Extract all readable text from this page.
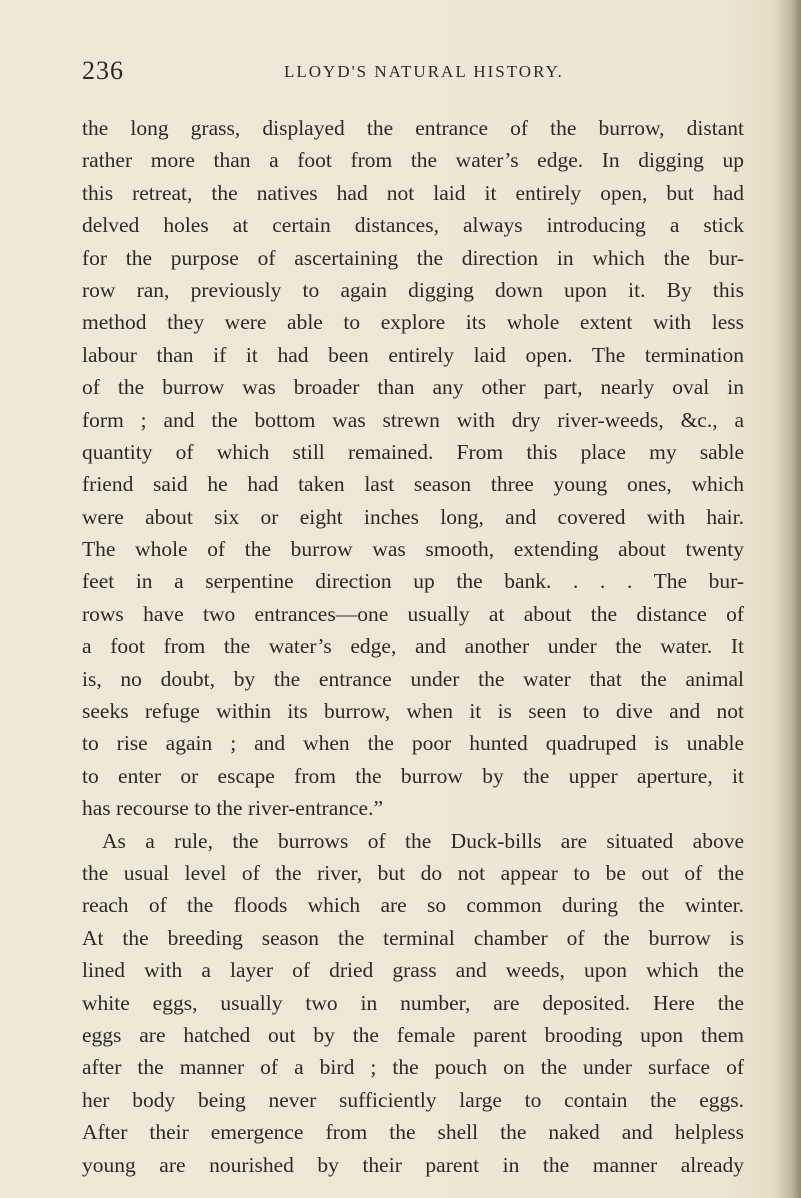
236	LLOYD'S NATURAL HISTORY.
the long grass, displayed the entrance of the burrow, distant
rather more than a foot from the water’s edge. In digging up
this retreat, the natives had not laid it entirely open, but had
delved holes at certain distances, always introducing a stick
for the purpose of ascertaining the direction in which the bur-
row ran, previously to again digging down upon it. By this
method they were able to explore its whole extent with less
labour than if it had been entirely laid open. The termination
of the burrow was broader than any other part, nearly oval in
form ; and the bottom was strewn with dry river-weeds, &c., a
quantity of which still remained. From this place my sable
friend said he had taken last season three young ones, which
were about six or eight inches long, and covered with hair.
The whole of the burrow was smooth, extending about twenty
feet in a serpentine direction up the bank. . . . The bur-
rows have two entrances—one usually at about the distance of
a foot from the water’s edge, and another under the water. It
is, no doubt, by the entrance under the water that the animal
seeks refuge within its burrow, when it is seen to dive and not
to rise again ; and when the poor hunted quadruped is unable
to enter or escape from the burrow by the upper aperture, it
has recourse to the river-entrance.”
As a rule, the burrows of the Duck-bills are situated above
the usual level of the river, but do not appear to be out of the
reach of the floods which are so common during the winter.
At the breeding season the terminal chamber of the burrow is
lined with a layer of dried grass and weeds, upon which the
white eggs, usually two in number, are deposited. Here the
eggs are hatched out by the female parent brooding upon them
after the manner of a bird ; the pouch on the under surface of
her body being never sufficiently large to contain the eggs.
After their emergence from the shell the naked and helpless
young are nourished by their parent in the manner already
